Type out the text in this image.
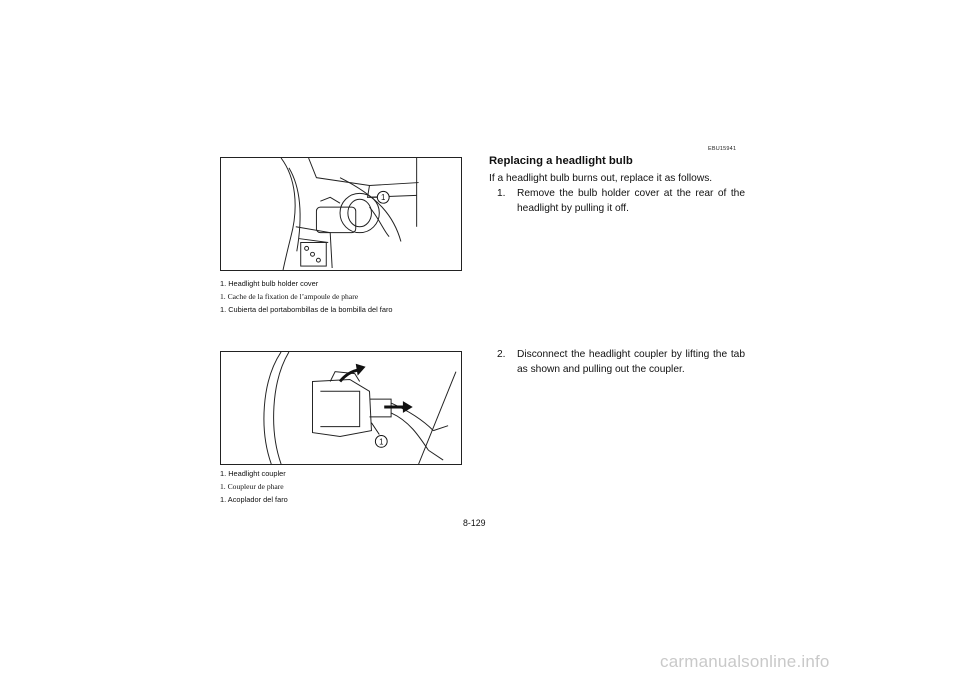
1
1. Headlight bulb holder cover
1. Cache de la fixation de l’ampoule de phare
1. Cubierta del portabombillas de la bombilla del faro
1
1. Headlight coupler
1. Coupleur de phare
1. Acoplador del faro
EBU15941
Replacing a headlight bulb
If a headlight bulb burns out, replace it as follows.
1.	Remove the bulb holder cover at the rear of the headlight by pulling it off.
2.	Disconnect the headlight coupler by lifting the tab as shown and pulling out the coupler.
8-129
carmanualsonline.info
